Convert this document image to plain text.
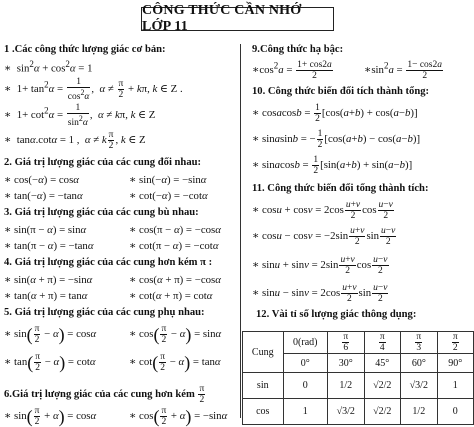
CÔNG THỨC CẦN NHỚ LỚP 11
1 .Các công thức lượng giác cơ bản:
∗  $\sin^2\alpha + \cos^2\alpha = 1$
∗  $1+ \tan^2\alpha = \frac{1}{\cos^2\alpha}$ ,  $\alpha \ne \frac{\pi}{2} + k\pi$, k ∈ Z .
∗  $1+ \cot^2\alpha = \frac{1}{\sin^2\alpha}$ ,  α ≠ kπ, k ∈ Z
∗  tanα.cotα = 1 ,  α ≠ k $\frac{\pi}{2}$ , k ∈ Z
2. Giá trị lượng giác của các cung đối nhau:
∗ cos(−α) = cosα	∗ sin(−α) = −sinα
∗ tan(−α) = −tanα	∗ cot(−α) = −cotα
3. Giá trị lượng giác của các cung bù nhau:
∗ sin(π − α) = sinα	∗ cos(π − α) = −cosα
∗ tan(π − α) = −tanα	∗ cot(π − α) = −cotα
4. Giá trị lượng giác của các cung hơn kém π :
∗ sin(α + π) = −sinα	∗ cos(α + π) = −cosα
∗ tan(α + π) = tanα	∗ cot(α + π) = cotα
5. Giá trị lượng giác của các cung phụ nhau:
∗ $\sin( \frac{\pi}{2} - \alpha) = \cos\alpha$	∗ $\cos( \frac{\pi}{2} - \alpha) = \sin\alpha$
∗ $\tan( \frac{\pi}{2} - \alpha) = \cot\alpha$	∗ $\cot( \frac{\pi}{2} - \alpha) = \tan\alpha$
6.Giá trị lượng giác của các cung hơn kém $\frac{\pi}{2}$
∗ $\sin( \frac{\pi}{2} + \alpha) = \cos\alpha$	∗ $\cos( \frac{\pi}{2} + \alpha) = -\sin\alpha$
9.Công thức hạ bậc:
$∗\cos^2a = \frac{1+ \cos 2a}{2}$	$∗\sin^2a = \frac{1- \cos 2a}{2}$
10. Công thức biến đổi tích thành tổng:
∗ cosacosb = $\frac{1}{2} [\cos(a+b) + \cos(a-b)]$
∗ sinasinb = − $\frac{1}{2} [\cos(a+b) - \cos(a-b)]$
∗ sinacosb = $\frac{1}{2} [\sin(a+b) + \sin(a-b)]$
11. Công thức biến đổi tổng thành tích:
∗ $\cos u + \cos v = 2\cos \frac{u+v}{2}$ $\cos \frac{u-v}{2}$
∗ $\cos u - \cos v = -2\sin \frac{u+v}{2}$ $\sin \frac{u-v}{2}$
∗ $\sin u + \sin v = 2\sin \frac{u+v}{2}$ $\cos \frac{u-v}{2}$
∗ $\sin u - \sin v = 2\cos \frac{u+v}{2}$ $\sin \frac{u-v}{2}$
12. Vài tỉ số lượng giác thông dụng:
Cung	0(rad)	$\frac{\pi}{6}$	$\frac{\pi}{4}$	$\frac{\pi}{3}$	$\frac{\pi}{2}$

	0°	30°	45°	60°	90°
sin	0	1/2	√2/2	√3/2	1
cos	1	√3/2	√2/2	1/2	0
